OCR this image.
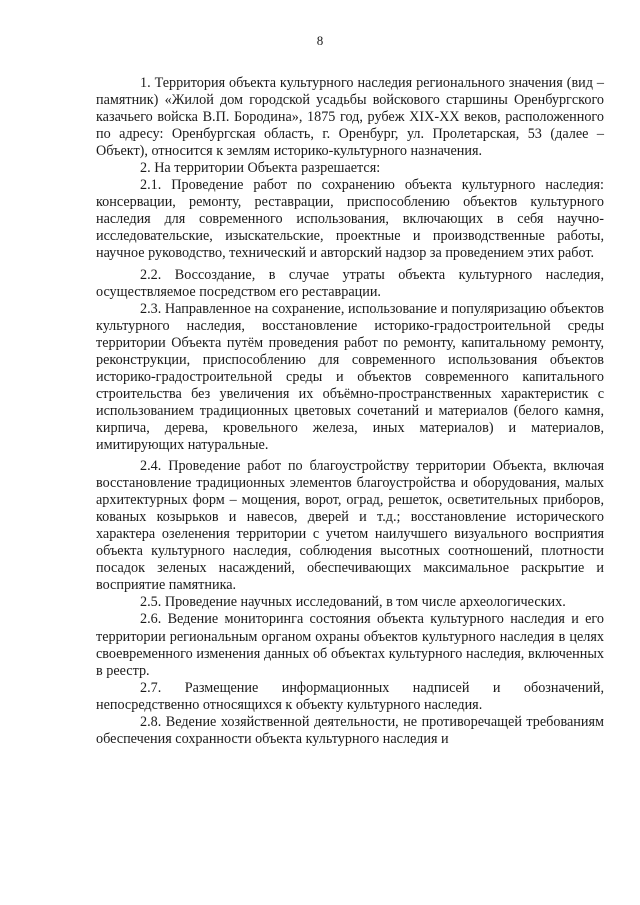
8

1. Территория объекта культурного наследия регионального значения (вид – памятник) «Жилой дом городской усадьбы войскового старшины Оренбургского казачьего войска В.П. Бородина», 1875 год, рубеж XIX-XX веков, расположенного по адресу: Оренбургская область, г. Оренбург, ул. Пролетарская, 53 (далее – Объект), относится к землям историко-культурного назначения.

2. На территории Объекта разрешается:

2.1. Проведение работ по сохранению объекта культурного наследия: консервации, ремонту, реставрации, приспособлению объектов культурного наследия для современного использования, включающих в себя научно-исследовательские, изыскательские, проектные и производственные работы, научное руководство, технический и авторский надзор за проведением этих работ.

2.2. Воссоздание, в случае утраты объекта культурного наследия, осуществляемое посредством его реставрации.

2.3. Направленное на сохранение, использование и популяризацию объектов культурного наследия, восстановление историко-градостроительной среды территории Объекта путём проведения работ по ремонту, капитальному ремонту, реконструкции, приспособлению для современного использования объектов историко-градостроительной среды и объектов современного капитального строительства без увеличения их объёмно-пространственных характеристик с использованием традиционных цветовых сочетаний и материалов (белого камня, кирпича, дерева, кровельного железа, иных материалов) и материалов, имитирующих натуральные.

2.4. Проведение работ по благоустройству территории Объекта, включая восстановление традиционных элементов благоустройства и оборудования, малых архитектурных форм – мощения, ворот, оград, решеток, осветительных приборов, кованых козырьков и навесов, дверей и т.д.; восстановление исторического характера озеленения территории с учетом наилучшего визуального восприятия объекта культурного наследия, соблюдения высотных соотношений, плотности посадок зеленых насаждений, обеспечивающих максимальное раскрытие и восприятие памятника.

2.5. Проведение научных исследований, в том числе археологических.

2.6. Ведение мониторинга состояния объекта культурного наследия и его территории региональным органом охраны объектов культурного наследия в целях своевременного изменения данных об объектах культурного наследия, включенных в реестр.

2.7. Размещение информационных надписей и обозначений, непосредственно относящихся к объекту культурного наследия.

2.8. Ведение хозяйственной деятельности, не противоречащей требованиям обеспечения сохранности объекта культурного наследия и
